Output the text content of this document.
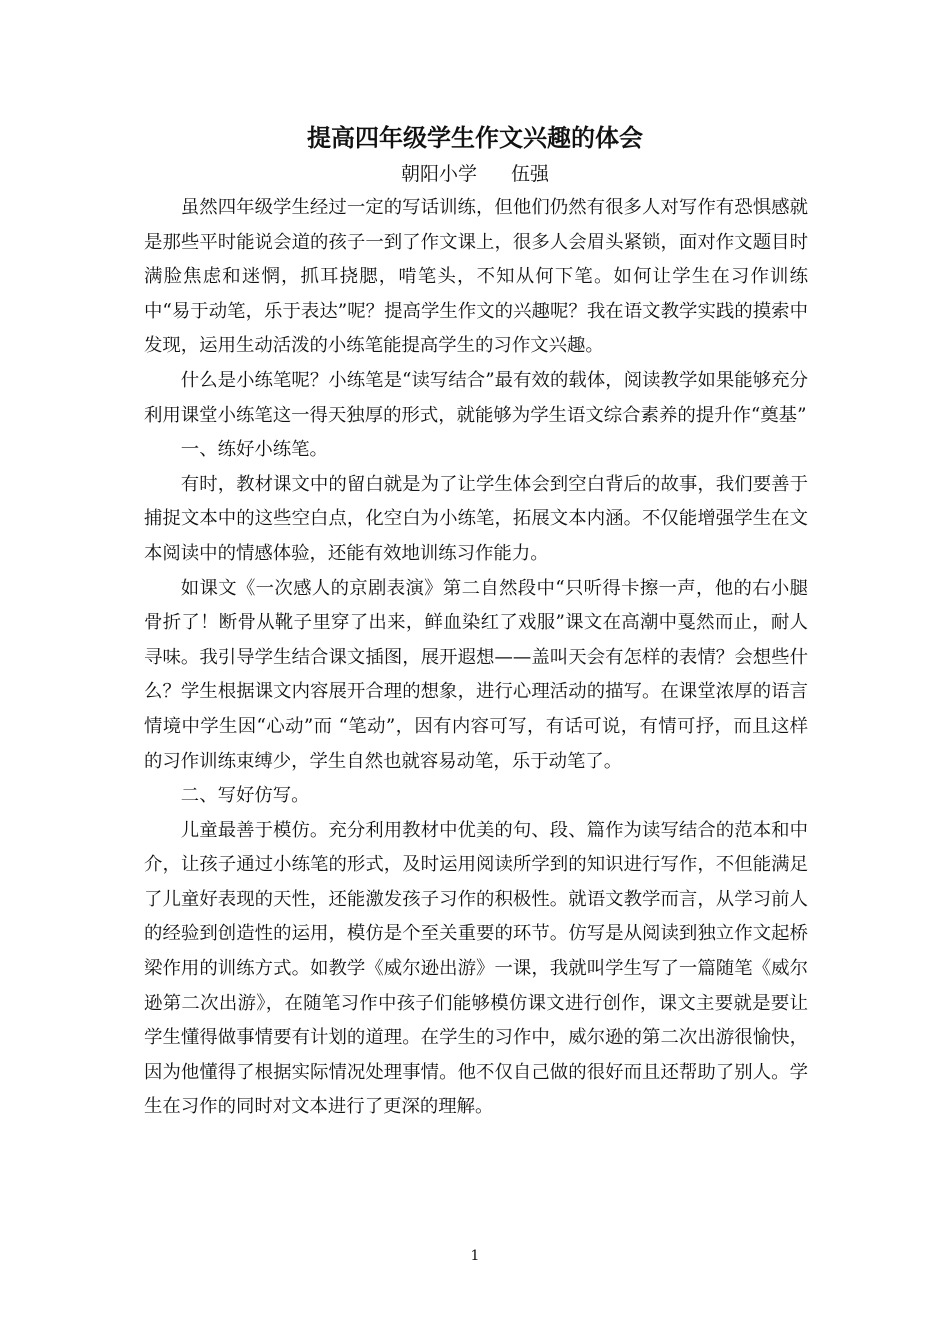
提高四年级学生作文兴趣的体会
朝阳小学 伍强

虽然四年级学生经过一定的写话训练，但他们仍然有很多人对写作有恐惧感就是那些平时能说会道的孩子一到了作文课上，很多人会眉头紧锁，面对作文题目时满脸焦虑和迷惘，抓耳挠腮，啃笔头，不知从何下笔。如何让学生在习作训练中“易于动笔，乐于表达”呢？提高学生作文的兴趣呢？我在语文教学实践的摸索中发现，运用生动活泼的小练笔能提高学生的习作文兴趣。

什么是小练笔呢？小练笔是“读写结合”最有效的载体，阅读教学如果能够充分利用课堂小练笔这一得天独厚的形式，就能够为学生语文综合素养的提升作“奠基”

一、练好小练笔。

有时，教材课文中的留白就是为了让学生体会到空白背后的故事，我们要善于捕捉文本中的这些空白点，化空白为小练笔，拓展文本内涵。不仅能增强学生在文本阅读中的情感体验，还能有效地训练习作能力。

如课文《一次感人的京剧表演》第二自然段中“只听得卡擦一声，他的右小腿骨折了！断骨从靴子里穿了出来，鲜血染红了戏服”课文在高潮中戛然而止，耐人寻味。我引导学生结合课文插图，展开遐想——盖叫天会有怎样的表情？会想些什么？学生根据课文内容展开合理的想象，进行心理活动的描写。在课堂浓厚的语言情境中学生因“心动”而 “笔动”，因有内容可写，有话可说，有情可抒，而且这样的习作训练束缚少，学生自然也就容易动笔，乐于动笔了。

二、写好仿写。

儿童最善于模仿。充分利用教材中优美的句、段、篇作为读写结合的范本和中介，让孩子通过小练笔的形式，及时运用阅读所学到的知识进行写作，不但能满足了儿童好表现的天性，还能激发孩子习作的积极性。就语文教学而言，从学习前人的经验到创造性的运用，模仿是个至关重要的环节。仿写是从阅读到独立作文起桥梁作用的训练方式。如教学《威尔逊出游》一课，我就叫学生写了一篇随笔《威尔逊第二次出游》，在随笔习作中孩子们能够模仿课文进行创作，课文主要就是要让学生懂得做事情要有计划的道理。在学生的习作中，威尔逊的第二次出游很愉快，因为他懂得了根据实际情况处理事情。他不仅自己做的很好而且还帮助了别人。学生在习作的同时对文本进行了更深的理解。

1
